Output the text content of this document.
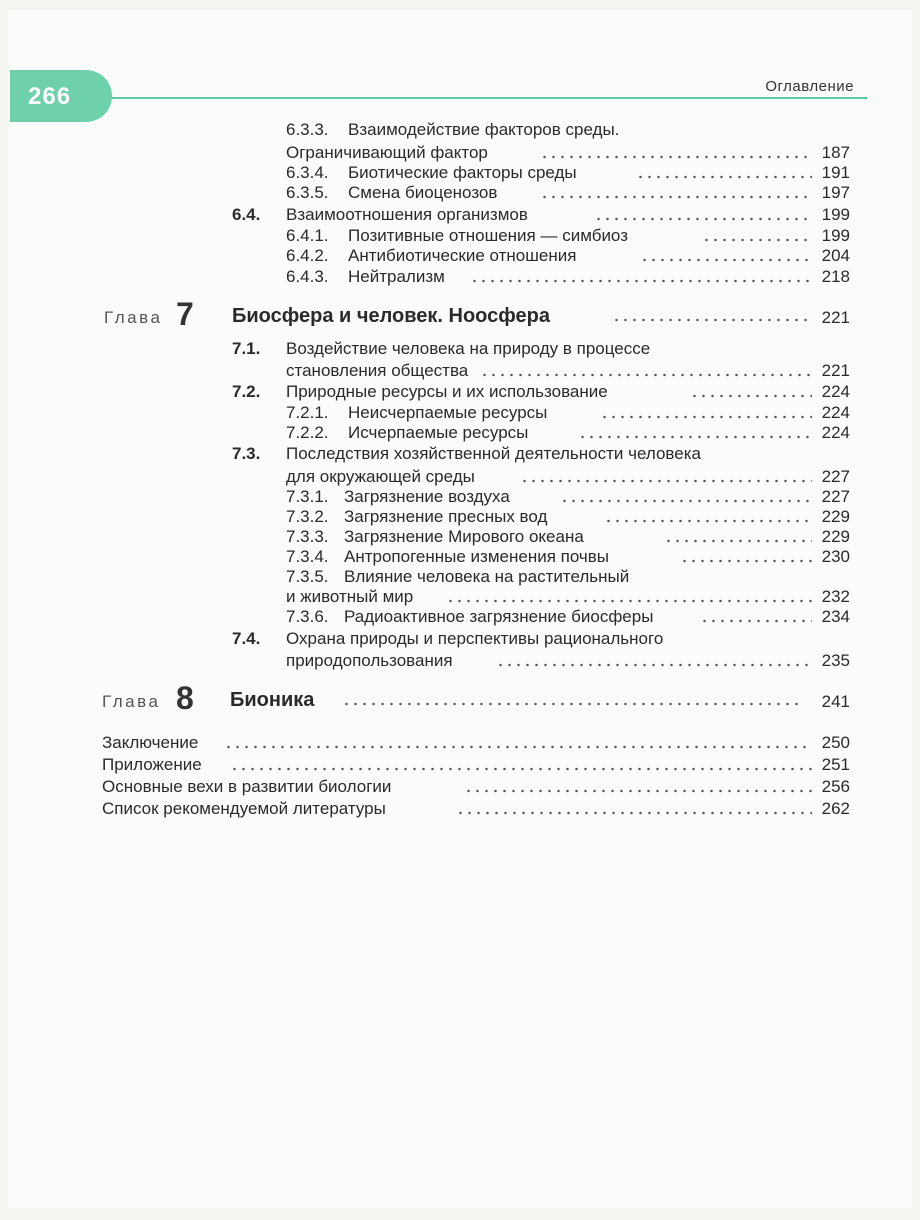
266	Оглавление
6.3.3. Взаимодействие факторов среды.
Ограничивающий фактор	187
6.3.4. Биотические факторы среды	191
6.3.5. Смена биоценозов	197
6.4. Взаимоотношения организмов	199
6.4.1. Позитивные отношения — симбиоз	199
6.4.2. Антибиотические отношения	204
6.4.3. Нейтрализм	218
Глава 7 Биосфера и человек. Ноосфера	221
7.1. Воздействие человека на природу в процессе
становления общества	221
7.2. Природные ресурсы и их использование	224
7.2.1. Неисчерпаемые ресурсы	224
7.2.2. Исчерпаемые ресурсы	224
7.3. Последствия хозяйственной деятельности человека
для окружающей среды	227
7.3.1. Загрязнение воздуха	227
7.3.2. Загрязнение пресных вод	229
7.3.3. Загрязнение Мирового океана	229
7.3.4. Антропогенные изменения почвы	230
7.3.5. Влияние человека на растительный
и животный мир	232
7.3.6. Радиоактивное загрязнение биосферы	234
7.4. Охрана природы и перспективы рационального
природопользования	235
Глава 8 Бионика	241
Заключение	250
Приложение	251
Основные вехи в развитии биологии	256
Список рекомендуемой литературы	262
